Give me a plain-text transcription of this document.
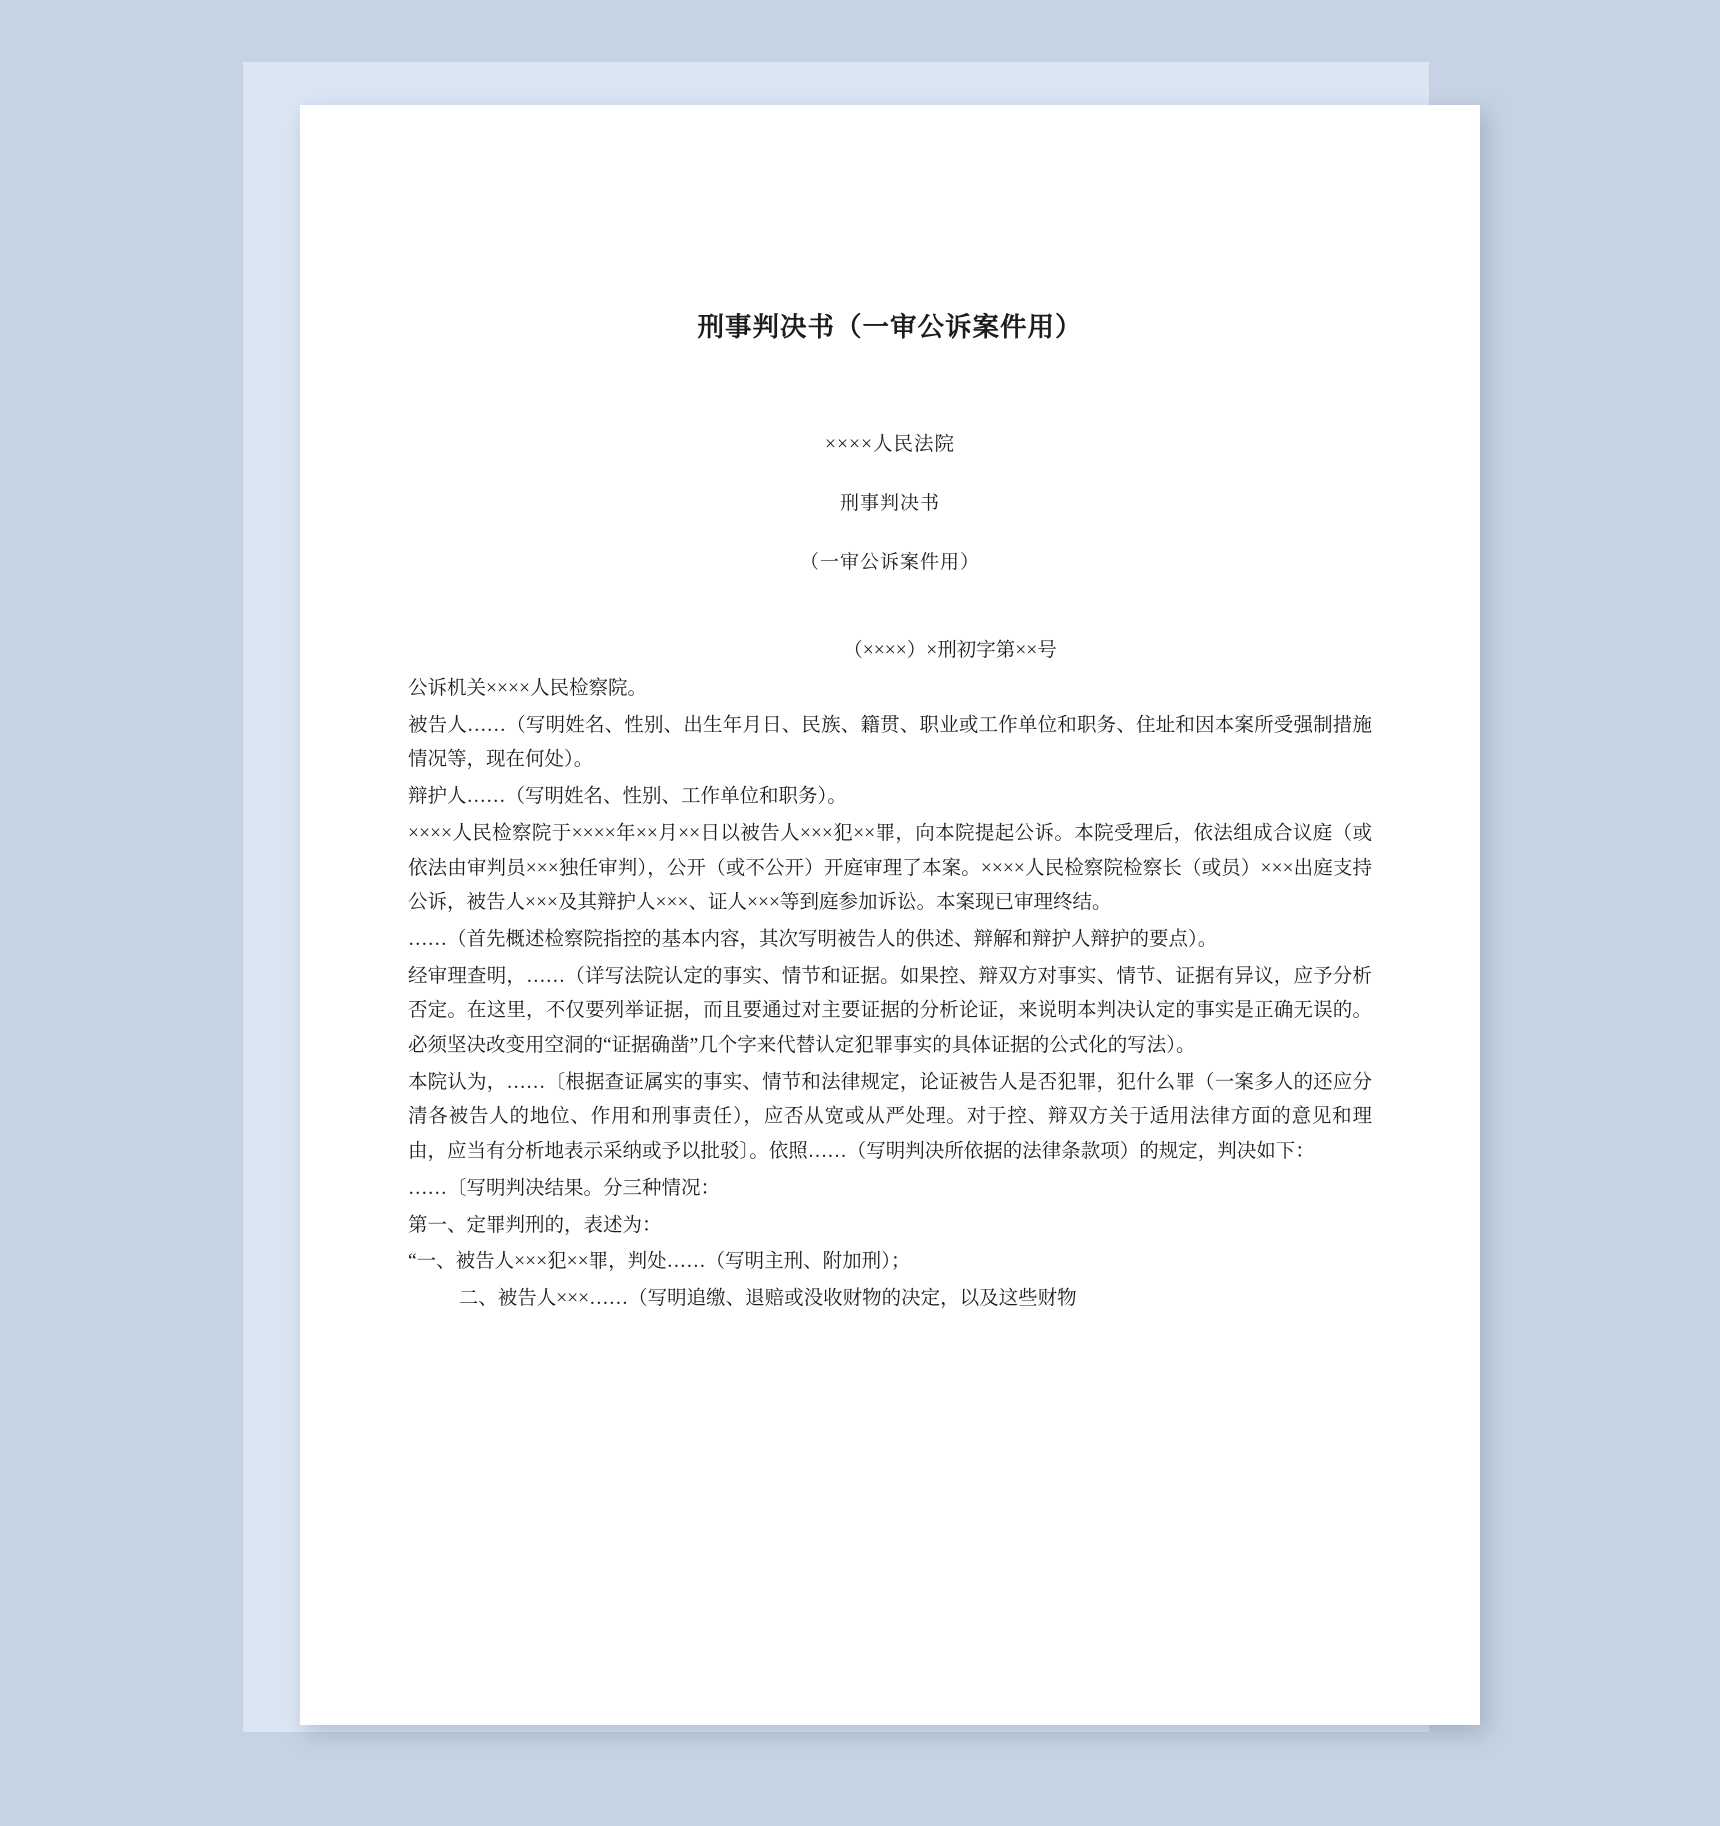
刑事判决书（一审公诉案件用）
××××人民法院
刑事判决书
（一审公诉案件用）
（××××）×刑初字第××号

公诉机关××××人民检察院。

被告人……（写明姓名、性别、出生年月日、民族、籍贯、职业或工作单位和职务、住址和因本案所受强制措施情况等，现在何处）。

辩护人……（写明姓名、性别、工作单位和职务）。

××××人民检察院于××××年××月××日以被告人×××犯××罪，向本院提起公诉。本院受理后，依法组成合议庭（或依法由审判员×××独任审判），公开（或不公开）开庭审理了本案。××××人民检察院检察长（或员）×××出庭支持公诉，被告人×××及其辩护人×××、证人×××等到庭参加诉讼。本案现已审理终结。

……（首先概述检察院指控的基本内容，其次写明被告人的供述、辩解和辩护人辩护的要点）。

经审理查明，……（详写法院认定的事实、情节和证据。如果控、辩双方对事实、情节、证据有异议，应予分析否定。在这里，不仅要列举证据，而且要通过对主要证据的分析论证，来说明本判决认定的事实是正确无误的。必须坚决改变用空洞的“证据确凿”几个字来代替认定犯罪事实的具体证据的公式化的写法）。

本院认为，……〔根据查证属实的事实、情节和法律规定，论证被告人是否犯罪，犯什么罪（一案多人的还应分清各被告人的地位、作用和刑事责任），应否从宽或从严处理。对于控、辩双方关于适用法律方面的意见和理由，应当有分析地表示采纳或予以批驳〕。依照……（写明判决所依据的法律条款项）的规定，判决如下：

……〔写明判决结果。分三种情况：

第一、定罪判刑的，表述为：

“一、被告人×××犯××罪，判处……（写明主刑、附加刑）；

二、被告人×××……（写明追缴、退赔或没收财物的决定，以及这些财物
